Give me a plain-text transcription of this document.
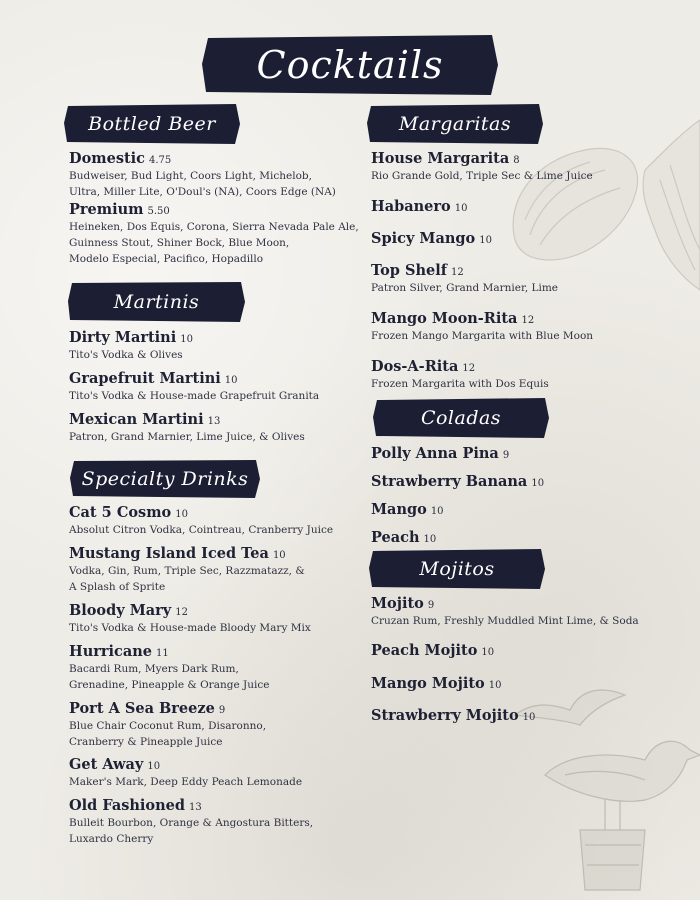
Cocktails
Bottled Beer
Domestic 4.75
Budweiser, Bud Light, Coors Light, Michelob,
Ultra, Miller Lite, O'Doul's (NA), Coors Edge (NA)
Premium 5.50
Heineken, Dos Equis, Corona, Sierra Nevada Pale Ale,
Guinness Stout, Shiner Bock, Blue Moon,
Modelo Especial, Pacifico, Hopadillo
Martinis
Dirty Martini 10
Tito's Vodka & Olives
Grapefruit Martini 10
Tito's Vodka & House-made Grapefruit Granita
Mexican Martini 13
Patron, Grand Marnier, Lime Juice, & Olives
Specialty Drinks
Cat 5 Cosmo 10
Absolut Citron Vodka, Cointreau, Cranberry Juice
Mustang Island Iced Tea 10
Vodka, Gin, Rum, Triple Sec, Razzmatazz, &
A Splash of Sprite
Bloody Mary 12
Tito's Vodka & House-made Bloody Mary Mix
Hurricane 11
Bacardi Rum, Myers Dark Rum,
Grenadine, Pineapple & Orange Juice
Port A Sea Breeze 9
Blue Chair Coconut Rum, Disaronno,
Cranberry & Pineapple Juice
Get Away 10
Maker's Mark, Deep Eddy Peach Lemonade
Old Fashioned 13
Bulleit Bourbon, Orange & Angostura Bitters,
Luxardo Cherry
Margaritas
House Margarita 8
Rio Grande Gold, Triple Sec & Lime Juice
Habanero 10
Spicy Mango 10
Top Shelf 12
Patron Silver, Grand Marnier, Lime
Mango Moon-Rita 12
Frozen Mango Margarita with Blue Moon
Dos-A-Rita 12
Frozen Margarita with Dos Equis
Coladas
Polly Anna Pina 9
Strawberry Banana 10
Mango 10
Peach 10
Mojitos
Mojito 9
Cruzan Rum, Freshly Muddled Mint Lime, & Soda
Peach Mojito 10
Mango Mojito 10
Strawberry Mojito 10
